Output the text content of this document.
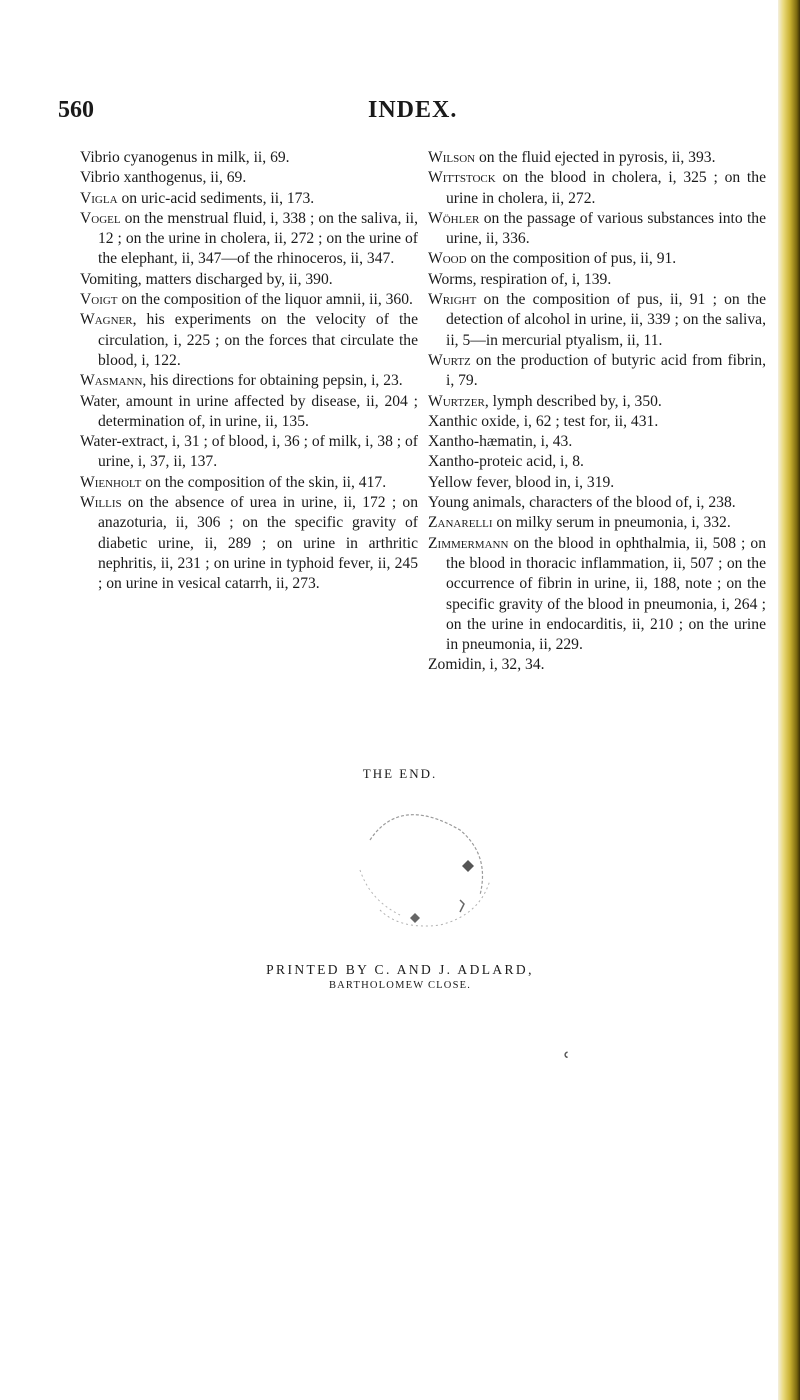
560	INDEX.

Vibrio cyanogenus in milk, ii, 69.

Vibrio xanthogenus, ii, 69.

Vigla on uric-acid sediments, ii, 173.

Vogel on the menstrual fluid, i, 338 ; on the saliva, ii, 12 ; on the urine in cholera, ii, 272 ; on the urine of the elephant, ii, 347—of the rhinoceros, ii, 347.

Vomiting, matters discharged by, ii, 390.

Voigt on the composition of the liquor amnii, ii, 360.

Wagner, his experiments on the velocity of the circulation, i, 225 ; on the forces that circulate the blood, i, 122.

Wasmann, his directions for obtaining pepsin, i, 23.

Water, amount in urine affected by disease, ii, 204 ; determination of, in urine, ii, 135.

Water-extract, i, 31 ; of blood, i, 36 ; of milk, i, 38 ; of urine, i, 37, ii, 137.

Wienholt on the composition of the skin, ii, 417.

Willis on the absence of urea in urine, ii, 172 ; on anazoturia, ii, 306 ; on the specific gravity of diabetic urine, ii, 289 ; on urine in arthritic nephritis, ii, 231 ; on urine in typhoid fever, ii, 245 ; on urine in vesical catarrh, ii, 273.

Wilson on the fluid ejected in pyrosis, ii, 393.

Wittstock on the blood in cholera, i, 325 ; on the urine in cholera, ii, 272.

Wöhler on the passage of various substances into the urine, ii, 336.

Wood on the composition of pus, ii, 91.

Worms, respiration of, i, 139.

Wright on the composition of pus, ii, 91 ; on the detection of alcohol in urine, ii, 339 ; on the saliva, ii, 5—in mercurial ptyalism, ii, 11.

Wurtz on the production of butyric acid from fibrin, i, 79.

Wurtzer, lymph described by, i, 350.

Xanthic oxide, i, 62 ; test for, ii, 431.

Xantho-hæmatin, i, 43.

Xantho-proteic acid, i, 8.

Yellow fever, blood in, i, 319.

Young animals, characters of the blood of, i, 238.

Zanarelli on milky serum in pneumonia, i, 332.

Zimmermann on the blood in ophthalmia, ii, 508 ; on the blood in thoracic inflammation, ii, 507 ; on the occurrence of fibrin in urine, ii, 188, note ; on the specific gravity of the blood in pneumonia, i, 264 ; on the urine in endocarditis, ii, 210 ; on the urine in pneumonia, ii, 229.

Zomidin, i, 32, 34.

THE END.
PRINTED BY C. AND J. ADLARD,
BARTHOLOMEW CLOSE.
ʿ
